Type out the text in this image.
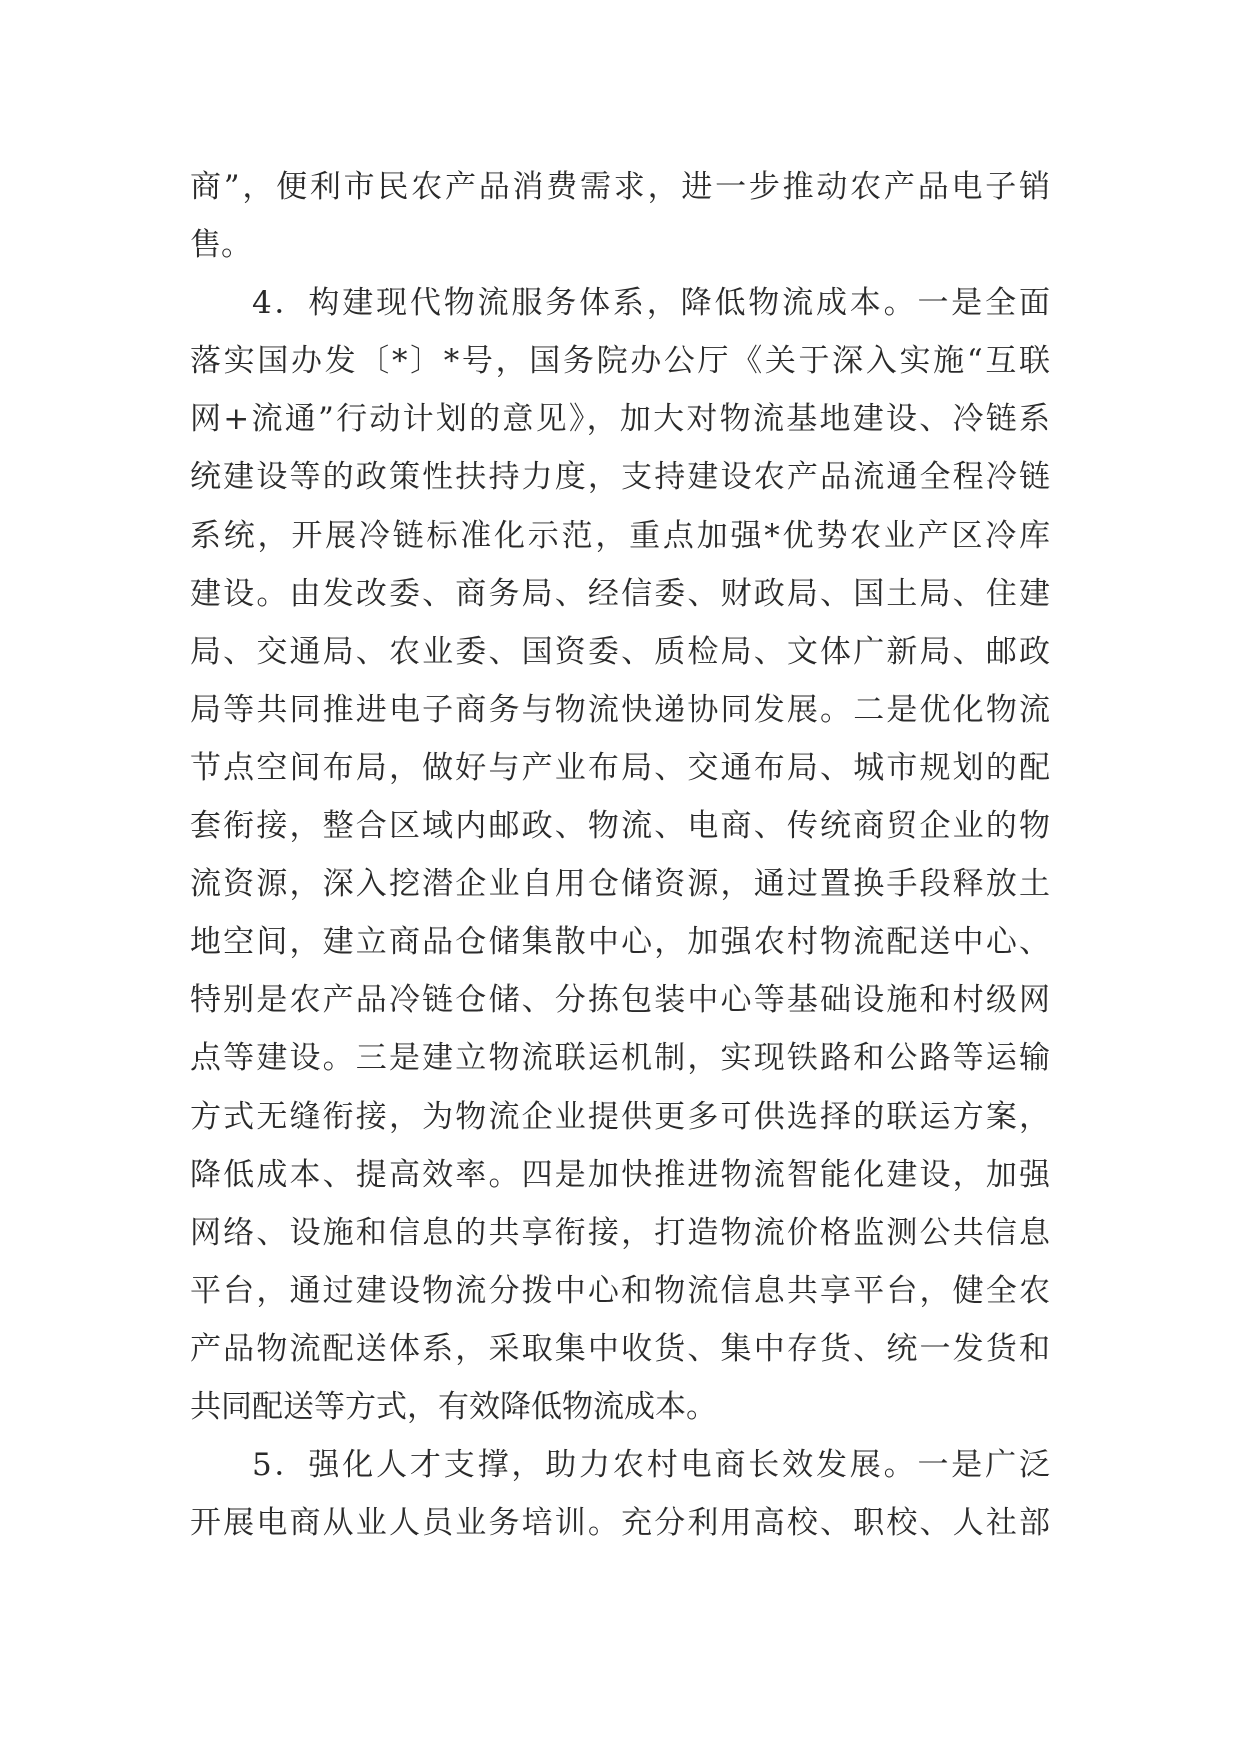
商”，便利市民农产品消费需求，进一步推动农产品电子销
售。
4．构建现代物流服务体系，降低物流成本。一是全面
落实国办发〔*〕*号，国务院办公厅《关于深入实施“互联
网+流通”行动计划的意见》，加大对物流基地建设、冷链系
统建设等的政策性扶持力度，支持建设农产品流通全程冷链
系统，开展冷链标准化示范，重点加强*优势农业产区冷库
建设。由发改委、商务局、经信委、财政局、国土局、住建
局、交通局、农业委、国资委、质检局、文体广新局、邮政
局等共同推进电子商务与物流快递协同发展。二是优化物流
节点空间布局，做好与产业布局、交通布局、城市规划的配
套衔接，整合区域内邮政、物流、电商、传统商贸企业的物
流资源，深入挖潜企业自用仓储资源，通过置换手段释放土
地空间，建立商品仓储集散中心，加强农村物流配送中心、
特别是农产品冷链仓储、分拣包装中心等基础设施和村级网
点等建设。三是建立物流联运机制，实现铁路和公路等运输
方式无缝衔接，为物流企业提供更多可供选择的联运方案，
降低成本、提高效率。四是加快推进物流智能化建设，加强
网络、设施和信息的共享衔接，打造物流价格监测公共信息
平台，通过建设物流分拨中心和物流信息共享平台，健全农
产品物流配送体系，采取集中收货、集中存货、统一发货和
共同配送等方式，有效降低物流成本。
5．强化人才支撑，助力农村电商长效发展。一是广泛
开展电商从业人员业务培训。充分利用高校、职校、人社部
